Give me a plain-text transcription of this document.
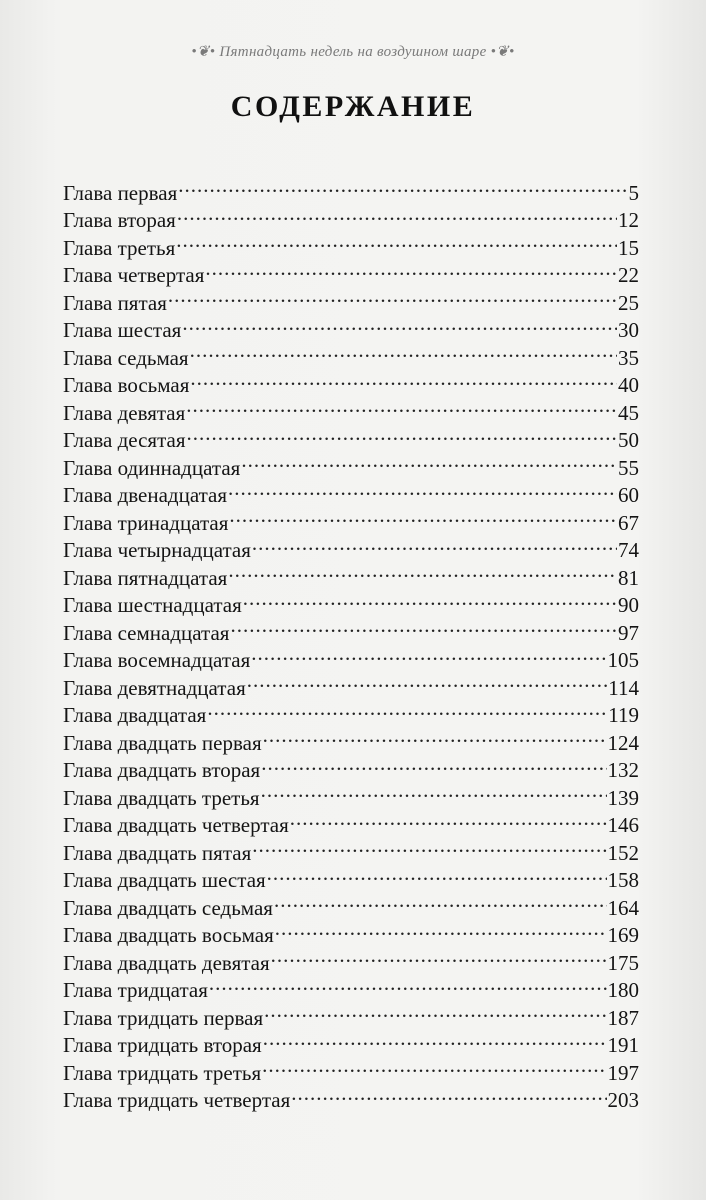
•❦• Пятнадцать недель на воздушном шаре •❦•
СОДЕРЖАНИЕ
Глава первая .....	5
Глава вторая .....	12
Глава третья .....	15
Глава четвертая .....	22
Глава пятая .....	25
Глава шестая .....	30
Глава седьмая .....	35
Глава восьмая .....	40
Глава девятая .....	45
Глава десятая .....	50
Глава одиннадцатая .....	55
Глава двенадцатая .....	60
Глава тринадцатая .....	67
Глава четырнадцатая .....	74
Глава пятнадцатая .....	81
Глава шестнадцатая .....	90
Глава семнадцатая .....	97
Глава восемнадцатая .....	105
Глава девятнадцатая .....	114
Глава двадцатая .....	119
Глава двадцать первая .....	124
Глава двадцать вторая .....	132
Глава двадцать третья .....	139
Глава двадцать четвертая .....	146
Глава двадцать пятая .....	152
Глава двадцать шестая .....	158
Глава двадцать седьмая .....	164
Глава двадцать восьмая .....	169
Глава двадцать девятая .....	175
Глава тридцатая .....	180
Глава тридцать первая .....	187
Глава тридцать вторая .....	191
Глава тридцать третья .....	197
Глава тридцать четвертая .....	203
